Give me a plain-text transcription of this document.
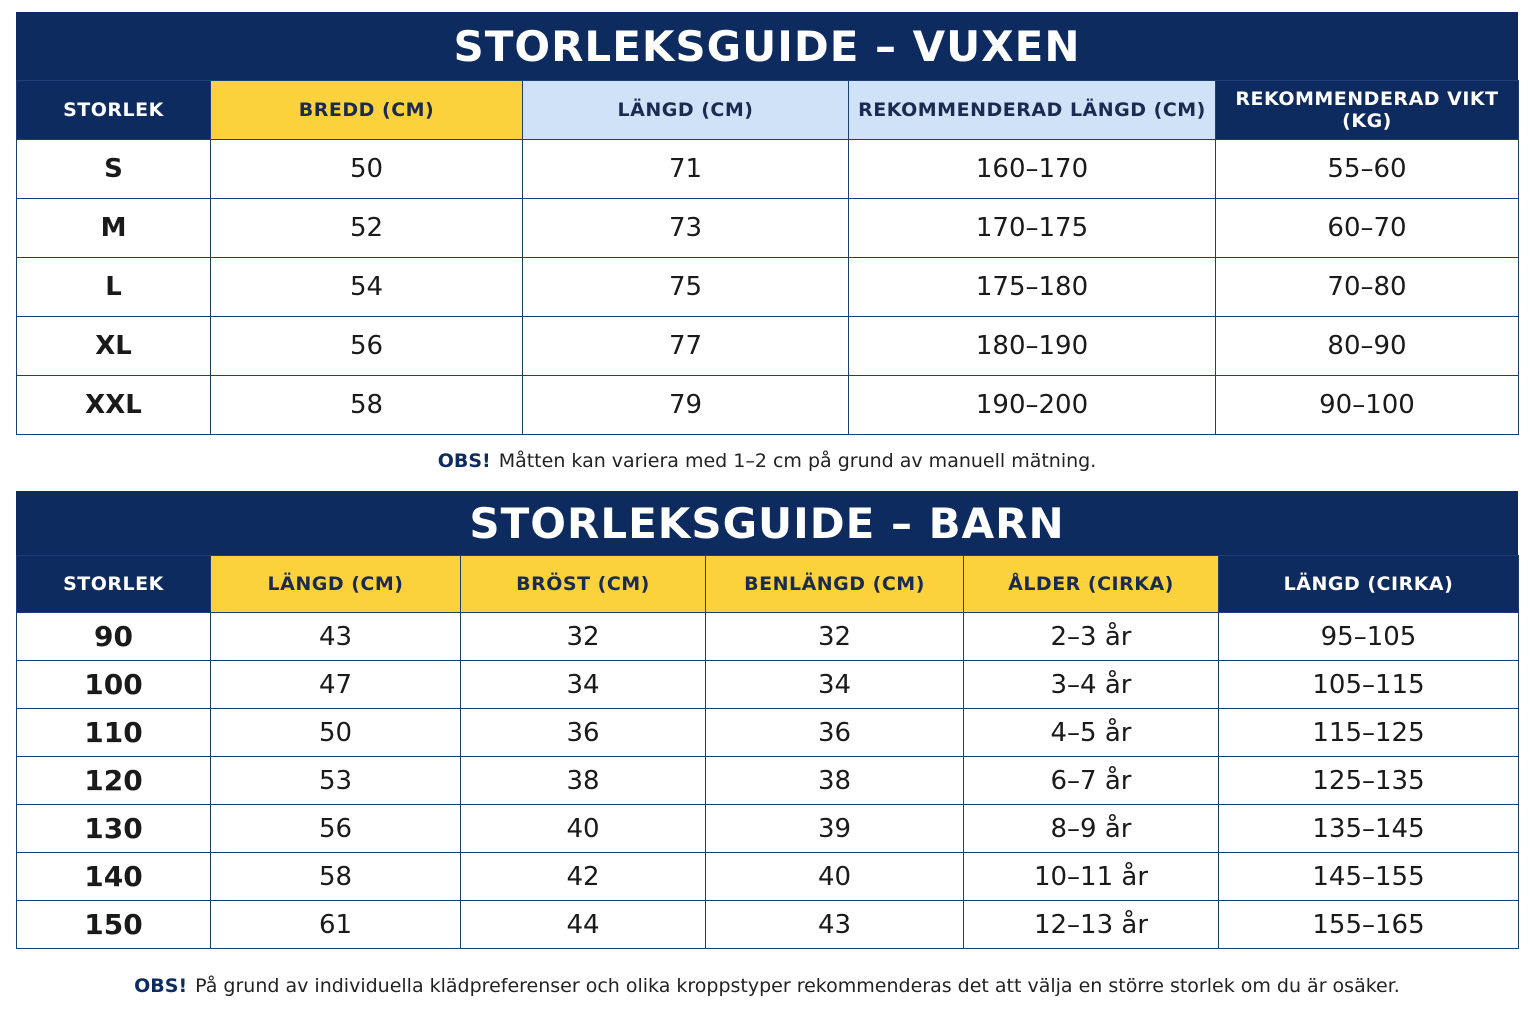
STORLEKSGUIDE – VUXEN
STORLEK	BREDD (CM)	LÄNGD (CM)	REKOMMENDERAD LÄNGD (CM)	REKOMMENDERAD VIKT (KG)
S	50	71	160–170	55–60
M	52	73	170–175	60–70
L	54	75	175–180	70–80
XL	56	77	180–190	80–90
XXL	58	79	190–200	90–100
OBS! Måtten kan variera med 1–2 cm på grund av manuell mätning.
STORLEKSGUIDE – BARN
STORLEK	LÄNGD (CM)	BRÖST (CM)	BENLÄNGD (CM)	ÅLDER (CIRKA)	LÄNGD (CIRKA)
90	43	32	32	2–3 år	95–105
100	47	34	34	3–4 år	105–115
110	50	36	36	4–5 år	115–125
120	53	38	38	6–7 år	125–135
130	56	40	39	8–9 år	135–145
140	58	42	40	10–11 år	145–155
150	61	44	43	12–13 år	155–165
OBS! På grund av individuella klädpreferenser och olika kroppstyper rekommenderas det att välja en större storlek om du är osäker.
